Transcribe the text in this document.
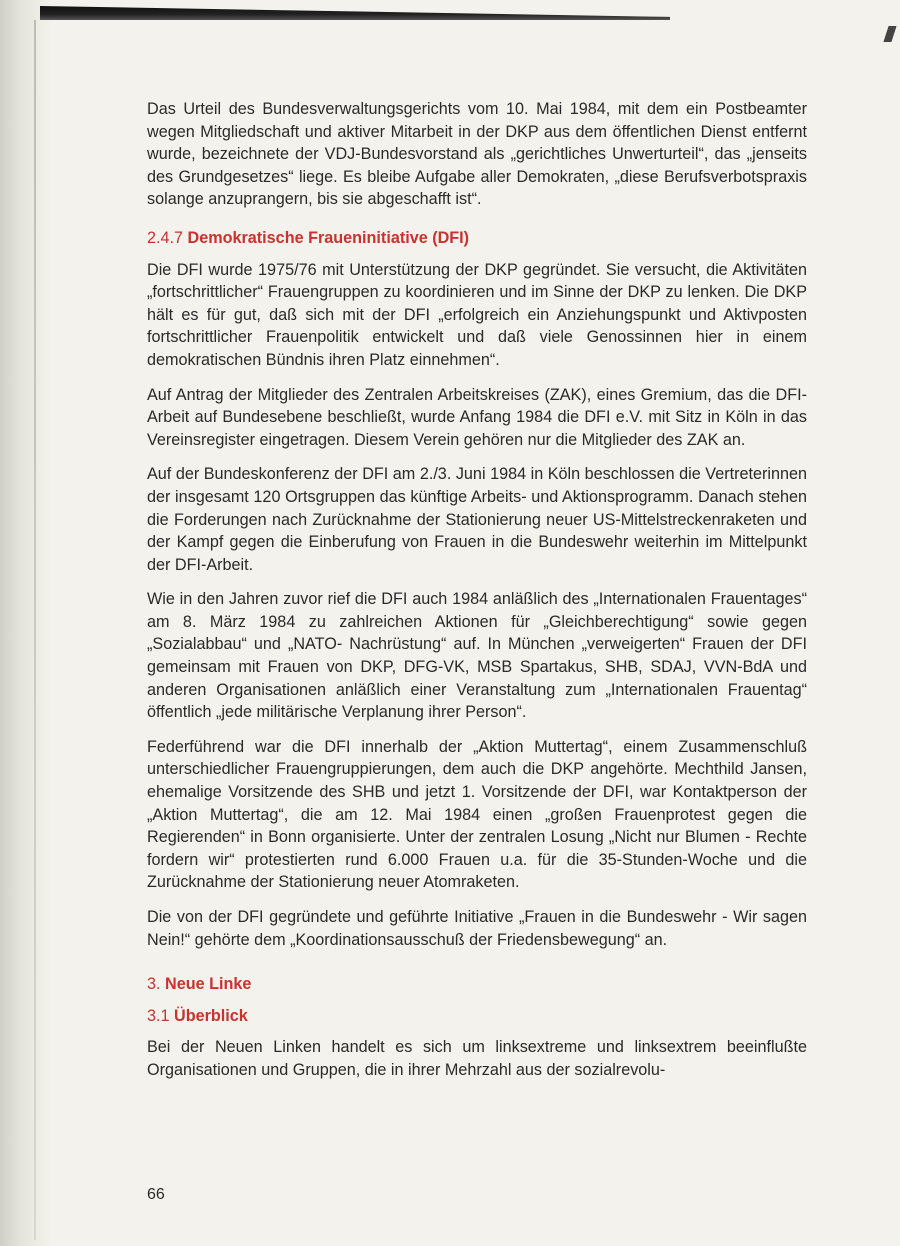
Das Urteil des Bundesverwaltungsgerichts vom 10. Mai 1984, mit dem ein Postbeamter wegen Mitgliedschaft und aktiver Mitarbeit in der DKP aus dem öffentlichen Dienst entfernt wurde, bezeichnete der VDJ-Bundesvorstand als „gerichtliches Unwerturteil“, das „jenseits des Grundgesetzes“ liege. Es bleibe Aufgabe aller Demokraten, „diese Berufsverbotspraxis solange anzuprangern, bis sie abgeschafft ist“.

2.4.7 Demokratische Fraueninitiative (DFI)

Die DFI wurde 1975/76 mit Unterstützung der DKP gegründet. Sie versucht, die Aktivitäten „fortschrittlicher“ Frauengruppen zu koordinieren und im Sinne der DKP zu lenken. Die DKP hält es für gut, daß sich mit der DFI „erfolgreich ein Anziehungspunkt und Aktivposten fortschrittlicher Frauenpolitik entwickelt und daß viele Genossinnen hier in einem demokratischen Bündnis ihren Platz einnehmen“.

Auf Antrag der Mitglieder des Zentralen Arbeitskreises (ZAK), eines Gremium, das die DFI-Arbeit auf Bundesebene beschließt, wurde Anfang 1984 die DFI e.V. mit Sitz in Köln in das Vereinsregister eingetragen. Diesem Verein gehören nur die Mitglieder des ZAK an.

Auf der Bundeskonferenz der DFI am 2./3. Juni 1984 in Köln beschlossen die Vertreterinnen der insgesamt 120 Ortsgruppen das künftige Arbeits- und Aktionsprogramm. Danach stehen die Forderungen nach Zurücknahme der Stationierung neuer US-Mittelstreckenraketen und der Kampf gegen die Einberufung von Frauen in die Bundeswehr weiterhin im Mittelpunkt der DFI-Arbeit.

Wie in den Jahren zuvor rief die DFI auch 1984 anläßlich des „Internationalen Frauentages“ am 8. März 1984 zu zahlreichen Aktionen für „Gleichberechtigung“ sowie gegen „Sozialabbau“ und „NATO- Nachrüstung“ auf. In München „verweigerten“ Frauen der DFI gemeinsam mit Frauen von DKP, DFG-VK, MSB Spartakus, SHB, SDAJ, VVN-BdA und anderen Organisationen anläßlich einer Veranstaltung zum „Internationalen Frauentag“ öffentlich „jede militärische Verplanung ihrer Person“.

Federführend war die DFI innerhalb der „Aktion Muttertag“, einem Zusammenschluß unterschiedlicher Frauengruppierungen, dem auch die DKP angehörte. Mechthild Jansen, ehemalige Vorsitzende des SHB und jetzt 1. Vorsitzende der DFI, war Kontaktperson der „Aktion Muttertag“, die am 12. Mai 1984 einen „großen Frauenprotest gegen die Regierenden“ in Bonn organisierte. Unter der zentralen Losung „Nicht nur Blumen - Rechte fordern wir“ protestierten rund 6.000 Frauen u.a. für die 35-Stunden-Woche und die Zurücknahme der Stationierung neuer Atomraketen.

Die von der DFI gegründete und geführte Initiative „Frauen in die Bundeswehr - Wir sagen Nein!“ gehörte dem „Koordinationsausschuß der Friedensbewegung“ an.

3. Neue Linke
3.1 Überblick

Bei der Neuen Linken handelt es sich um linksextreme und linksextrem beeinflußte Organisationen und Gruppen, die in ihrer Mehrzahl aus der sozialrevolu-

66
